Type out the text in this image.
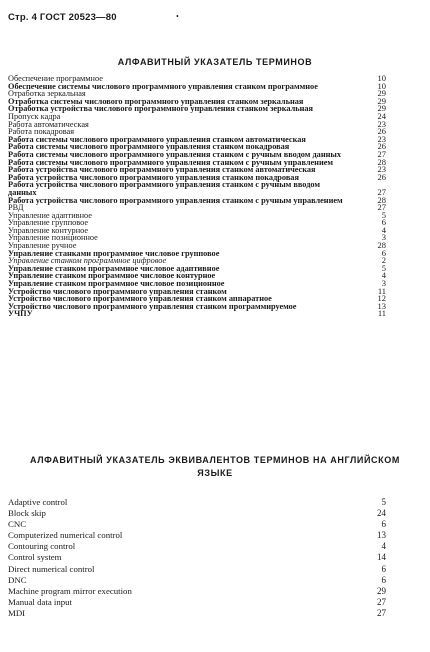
Стр. 4 ГОСТ 20523—80	•
АЛФАВИТНЫЙ УКАЗАТЕЛЬ ТЕРМИНОВ
Обеспечение программное	10
Обеспечение системы числового программного управления станком программное	10
Отработка зеркальная	29
Отработка системы числового программного управления станком зеркальная	29
Отработка устройства числового программного управления станком зеркальная	29
Пропуск кадра	24
Работа автоматическая	23
Работа покадровая	26
Работа системы числового программного управления станком автоматическая	23
Работа системы числового программного управления станком покадровая	26
Работа системы числового программного управления станком с ручным вводом данных	27
Работа системы числового программного управления станком с ручным управлением	28
Работа устройства числового программного управления станком автоматическая	23
Работа устройства числового программного управления станком покадровая	26
Работа устройства числового программного управления станком с ручным вводом данных	27
Работа устройства числового программного управления станком с ручным управлением	28
РВД	27
Управление адаптивное	5
Управление групповое	6
Управление контурное	4
Управление позиционное	3
Управление ручное	28
Управление станками программное числовое групповое	6
Управление станком программное цифровое	2
Управление станком программное числовое адаптивное	5
Управление станком программное числовое контурное	4
Управление станком программное числовое позиционное	3
Устройство числового программного управления станком	11
Устройство числового программного управления станком аппаратное	12
Устройство числового программного управления станком программируемое	13
УЧПУ	11
АЛФАВИТНЫЙ УКАЗАТЕЛЬ ЭКВИВАЛЕНТОВ ТЕРМИНОВ НА АНГЛИЙСКОМ
ЯЗЫКЕ
Adaptive control	5
Block skip	24
CNC	6
Computerized numerical control	13
Contouring control	4
Control system	14
Direct numerical control	6
DNC	6
Machine program mirror execution	29
Manual data input	27
MDI	27
